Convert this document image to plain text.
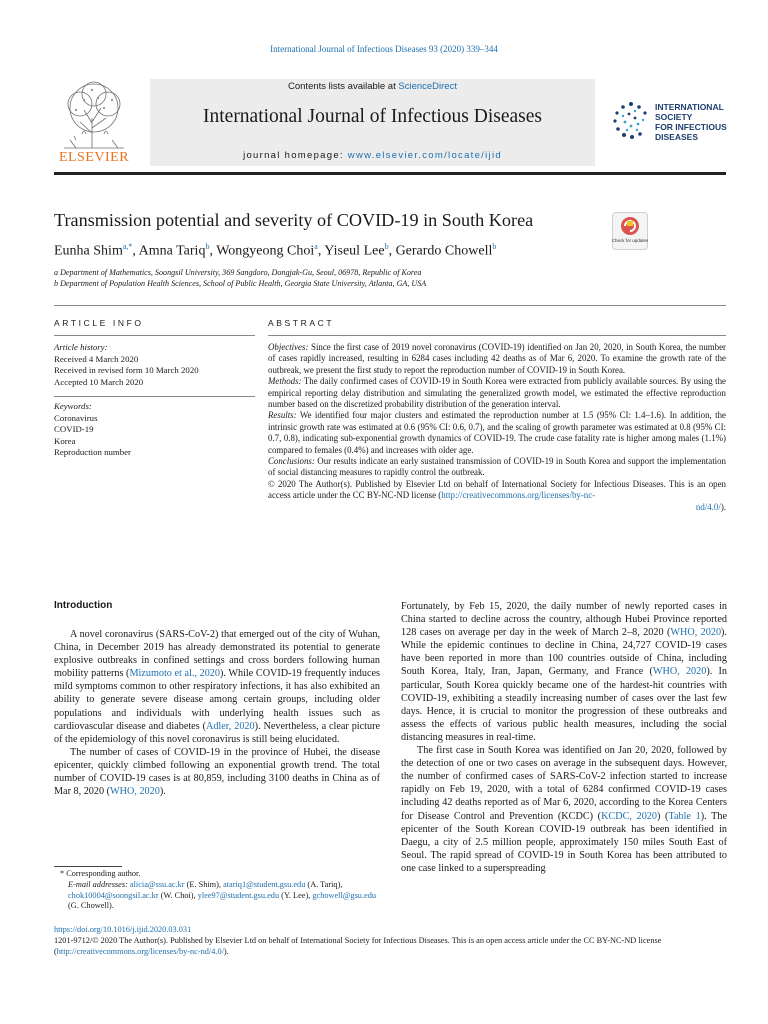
International Journal of Infectious Diseases 93 (2020) 339–344
ELSEVIER
Contents lists available at ScienceDirect
International Journal of Infectious Diseases
journal homepage: www.elsevier.com/locate/ijid
INTERNATIONAL
SOCIETY
FOR INFECTIOUS
DISEASES
Transmission potential and severity of COVID-19 in South Korea
Check for updates
Eunha Shim$^{a,*}$, Amna Tariq$^b$, Wongyeong Choi$^a$, Yiseul Lee$^b$, Gerardo Chowell$^b$
a Department of Mathematics, Soongsil University, 369 Sangdoro, Dongjak-Gu, Seoul, 06978, Republic of Korea
b Department of Population Health Sciences, School of Public Health, Georgia State University, Atlanta, GA, USA
ARTICLE INFO
Article history:
Received 4 March 2020
Received in revised form 10 March 2020
Accepted 10 March 2020
Keywords:
Coronavirus
COVID-19
Korea
Reproduction number
ABSTRACT

Objectives: Since the first case of 2019 novel coronavirus (COVID-19) identified on Jan 20, 2020, in South Korea, the number of cases rapidly increased, resulting in 6284 cases including 42 deaths as of Mar 6, 2020. To examine the growth rate of the outbreak, we present the first study to report the reproduction number of COVID-19 in South Korea.

Methods: The daily confirmed cases of COVID-19 in South Korea were extracted from publicly available sources. By using the empirical reporting delay distribution and simulating the generalized growth model, we estimated the effective reproduction number based on the discretized probability distribution of the generation interval.

Results: We identified four major clusters and estimated the reproduction number at 1.5 (95% CI: 1.4–1.6). In addition, the intrinsic growth rate was estimated at 0.6 (95% CI: 0.6, 0.7), and the scaling of growth parameter was estimated at 0.8 (95% CI: 0.7, 0.8), indicating sub-exponential growth dynamics of COVID-19. The crude case fatality rate is higher among males (1.1%) compared to females (0.4%) and increases with older age.

Conclusions: Our results indicate an early sustained transmission of COVID-19 in South Korea and support the implementation of social distancing measures to rapidly control the outbreak.

© 2020 The Author(s). Published by Elsevier Ltd on behalf of International Society for Infectious Diseases. This is an open access article under the CC BY-NC-ND license (http://creativecommons.org/licenses/by-nc-

nd/4.0/).

Introduction

A novel coronavirus (SARS-CoV-2) that emerged out of the city of Wuhan, China, in December 2019 has already demonstrated its potential to generate explosive outbreaks in confined settings and cross borders following human mobility patterns (Mizumoto et al., 2020). While COVID-19 frequently induces mild symptoms common to other respiratory infections, it has also exhibited an ability to generate severe disease among certain groups, including older populations and individuals with underlying health issues such as cardiovascular disease and diabetes (Adler, 2020). Nevertheless, a clear picture of the epidemiology of this novel coronavirus is still being elucidated.

The number of cases of COVID-19 in the province of Hubei, the disease epicenter, quickly climbed following an exponential growth trend. The total number of COVID-19 cases is at 80,859, including 3100 deaths in China as of Mar 8, 2020 (WHO, 2020).

Fortunately, by Feb 15, 2020, the daily number of newly reported cases in China started to decline across the country, although Hubei Province reported 128 cases on average per day in the week of March 2–8, 2020 (WHO, 2020). While the epidemic continues to decline in China, 24,727 COVID-19 cases have been reported in more than 100 countries outside of China, including South Korea, Italy, Iran, Japan, Germany, and France (WHO, 2020). In particular, South Korea quickly became one of the hardest-hit countries with COVID-19, exhibiting a steadily increasing number of cases over the last few days. Hence, it is crucial to monitor the progression of these outbreaks and assess the effects of various public health measures, including the social distancing measures in real-time.

The first case in South Korea was identified on Jan 20, 2020, followed by the detection of one or two cases on average in the subsequent days. However, the number of confirmed cases of SARS-CoV-2 infection started to increase rapidly on Feb 19, 2020, with a total of 6284 confirmed COVID-19 cases including 42 deaths reported as of Mar 6, 2020, according to the Korea Centers for Disease Control and Prevention (KCDC) (KCDC, 2020) (Table 1). The epicenter of the South Korean COVID-19 outbreak has been identified in Daegu, a city of 2.5 million people, approximately 150 miles South East of Seoul. The rapid spread of COVID-19 in South Korea has been attributed to one case linked to a superspreading

* Corresponding author.

E-mail addresses: alicia@ssu.ac.kr (E. Shim), atariq1@student.gsu.edu (A. Tariq), chok10004@soongsil.ac.kr (W. Choi), ylee97@student.gsu.edu (Y. Lee), gchowell@gsu.edu (G. Chowell).

https://doi.org/10.1016/j.ijid.2020.03.031

1201-9712/© 2020 The Author(s). Published by Elsevier Ltd on behalf of International Society for Infectious Diseases. This is an open access article under the CC BY-NC-ND license (http://creativecommons.org/licenses/by-nc-nd/4.0/).
